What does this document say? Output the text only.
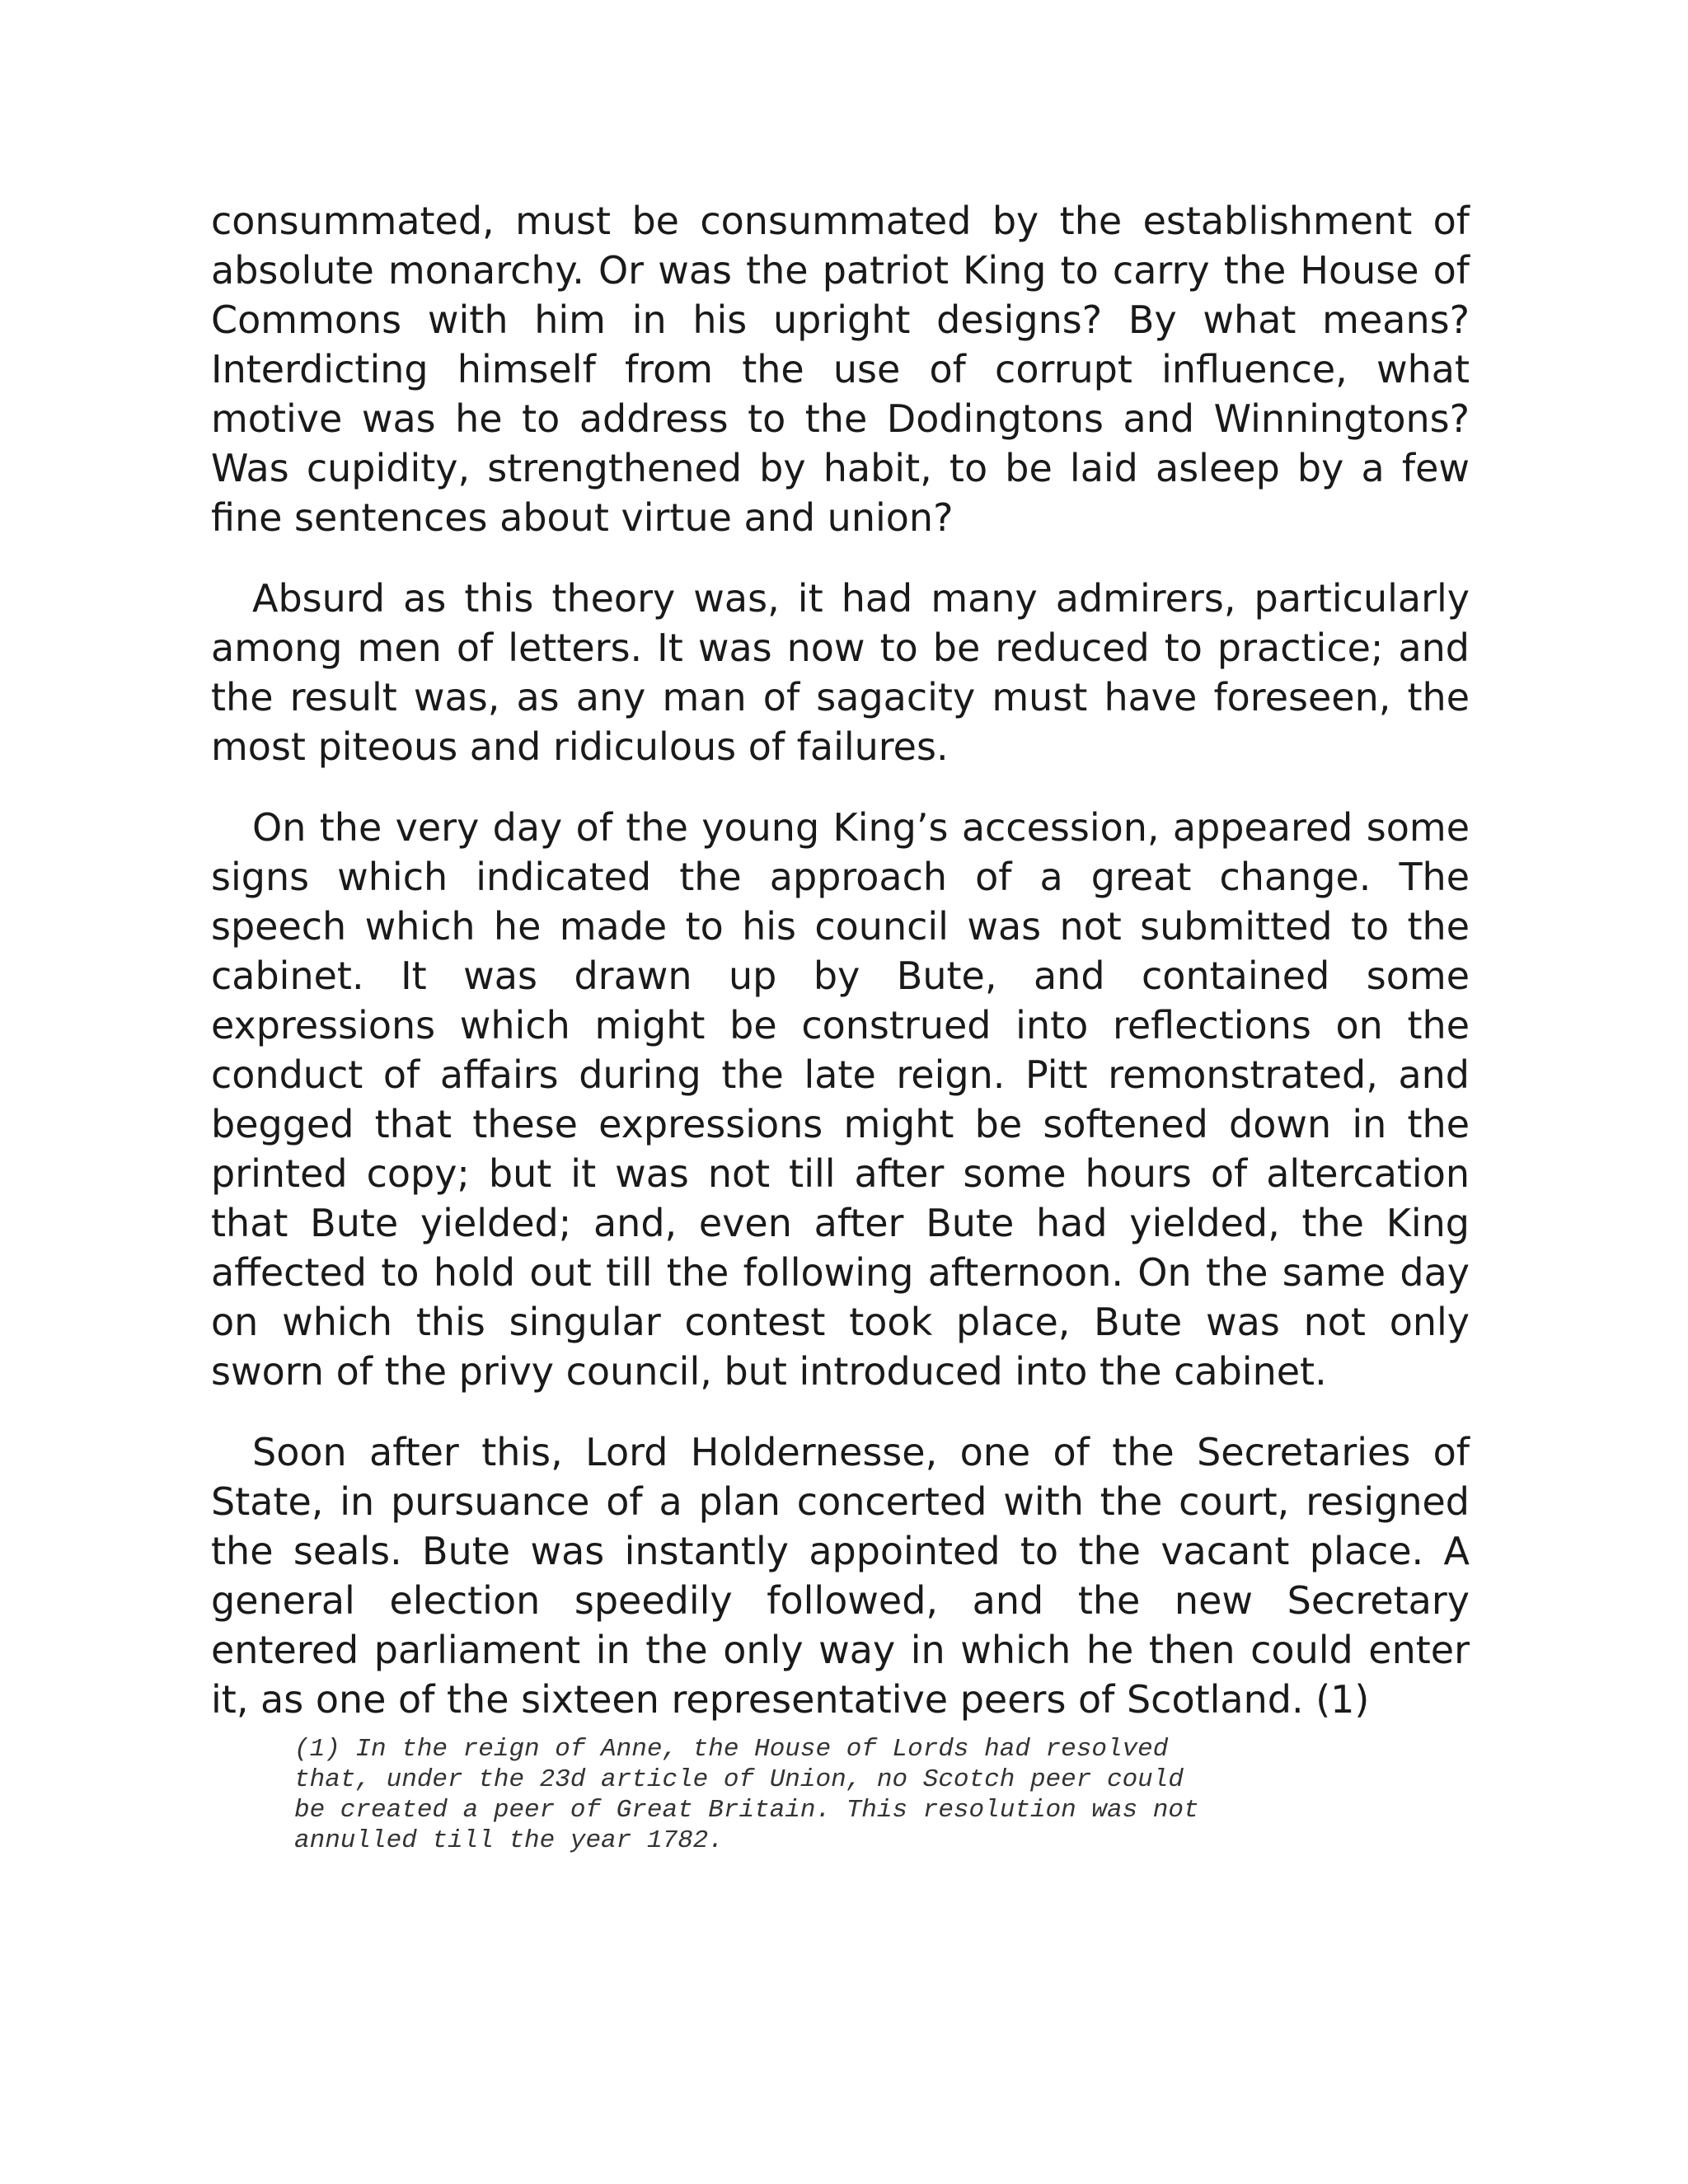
consummated, must be consummated by the establishment of absolute monarchy. Or was the patriot King to carry the House of Commons with him in his upright designs? By what means? Interdicting himself from the use of corrupt influence, what motive was he to address to the Dodingtons and Winningtons? Was cupidity, strengthened by habit, to be laid asleep by a few fine sentences about virtue and union?

Absurd as this theory was, it had many admirers, particularly among men of letters. It was now to be reduced to practice; and the result was, as any man of sagacity must have foreseen, the most piteous and ridiculous of failures.

On the very day of the young King’s accession, appeared some signs which indicated the approach of a great change. The speech which he made to his council was not submitted to the cabinet. It was drawn up by Bute, and contained some expressions which might be construed into reflections on the conduct of affairs during the late reign. Pitt remonstrated, and begged that these expressions might be softened down in the printed copy; but it was not till after some hours of altercation that Bute yielded; and, even after Bute had yielded, the King affected to hold out till the following afternoon. On the same day on which this singular contest took place, Bute was not only sworn of the privy council, but introduced into the cabinet.

Soon after this, Lord Holdernesse, one of the Secretaries of State, in pursuance of a plan concerted with the court, resigned the seals. Bute was instantly appointed to the vacant place. A general election speedily followed, and the new Secretary entered parliament in the only way in which he then could enter it, as one of the sixteen representative peers of Scotland. (1)

(1) In the reign of Anne, the House of Lords had resolved
that, under the 23d article of Union, no Scotch peer could
be created a peer of Great Britain. This resolution was not
annulled till the year 1782.
